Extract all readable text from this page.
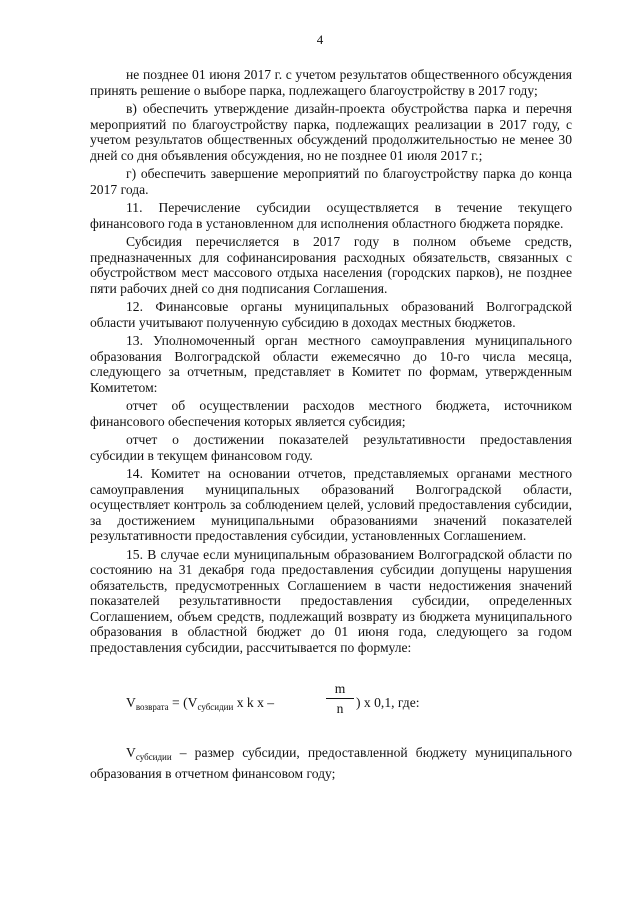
4

не позднее 01 июня 2017 г. с учетом результатов общественного обсуждения принять решение о выборе парка, подлежащего благоустройству в 2017 году;

в) обеспечить утверждение дизайн-проекта обустройства парка и перечня мероприятий по благоустройству парка, подлежащих реализации в 2017 году, с учетом результатов общественных обсуждений продолжительностью не менее 30 дней со дня объявления обсуждения, но не позднее 01 июля 2017 г.;

г) обеспечить завершение мероприятий по благоустройству парка до конца 2017 года.

11. Перечисление субсидии осуществляется в течение текущего финансового года в установленном для исполнения областного бюджета порядке.

Субсидия перечисляется в 2017 году в полном объеме средств, предназначенных для софинансирования расходных обязательств, связанных с обустройством мест массового отдыха населения (городских парков), не позднее пяти рабочих дней со дня подписания Соглашения.

12. Финансовые органы муниципальных образований Волгоградской области учитывают полученную субсидию в доходах местных бюджетов.

13. Уполномоченный орган местного самоуправления муниципального образования Волгоградской области ежемесячно до 10-го числа месяца, следующего за отчетным, представляет в Комитет по формам, утвержденным Комитетом:

отчет об осуществлении расходов местного бюджета, источником финансового обеспечения которых является субсидия;

отчет о достижении показателей результативности предоставления субсидии в текущем финансовом году.

14. Комитет на основании отчетов, представляемых органами местного самоуправления муниципальных образований Волгоградской области, осуществляет контроль за соблюдением целей, условий предоставления субсидии, за достижением муниципальными образованиями значений показателей результативности предоставления субсидии, установленных Соглашением.

15. В случае если муниципальным образованием Волгоградской области по состоянию на 31 декабря года предоставления субсидии допущены нарушения обязательств, предусмотренных Соглашением в части недостижения значений показателей результативности предоставления субсидии, определенных Соглашением, объем средств, подлежащий возврату из бюджета муниципального образования в областной бюджет до 01 июня года, следующего за годом предоставления субсидии, рассчитывается по формуле:

$V_{возврата} = (V_{субсидии}$ x k x –
m
n ) x 0,1, где:

$V_{субсидии}$ – размер субсидии, предоставленной бюджету муниципального образования в отчетном финансовом году;
